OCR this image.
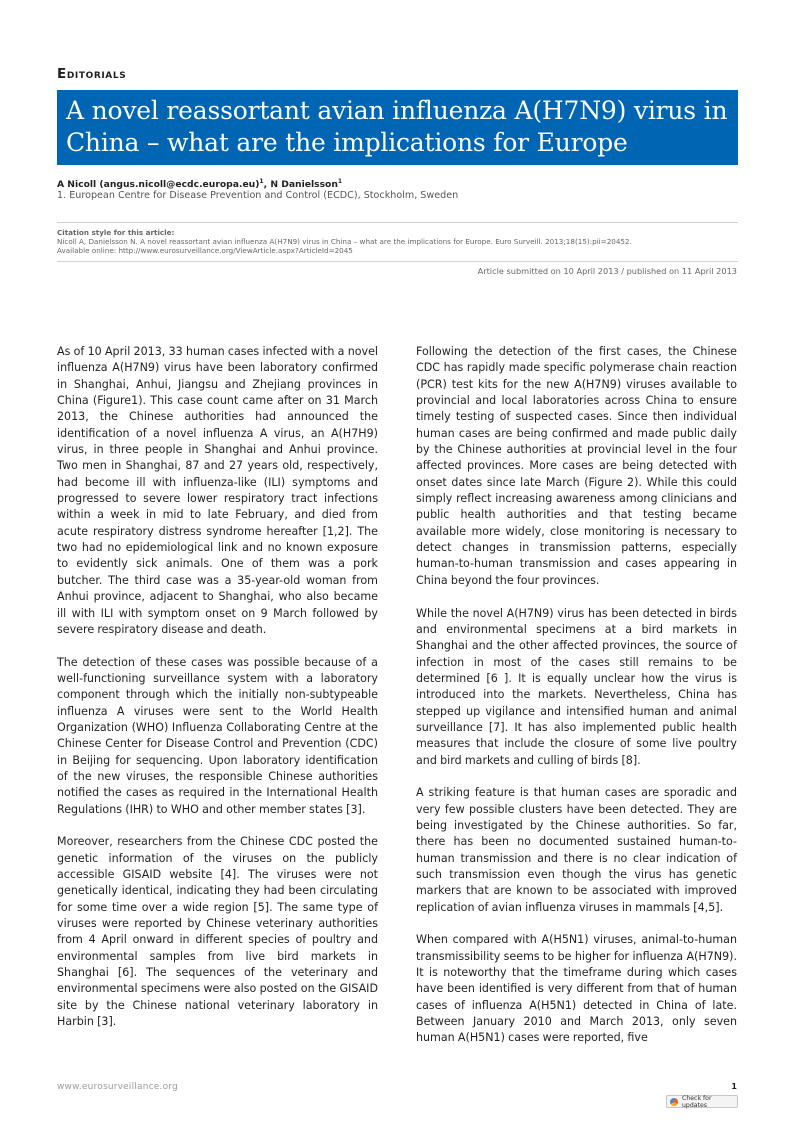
Editorials
A novel reassortant avian influenza A(H7N9) virus in China – what are the implications for Europe
A Nicoll (angus.nicoll@ecdc.europa.eu)$^1$, N Danielsson$^1$
1. European Centre for Disease Prevention and Control (ECDC), Stockholm, Sweden
Citation style for this article:
Nicoll A, Danielsson N. A novel reassortant avian influenza A(H7N9) virus in China – what are the implications for Europe. Euro Surveill. 2013;18(15):pii=20452.
Available online: http://www.eurosurveillance.org/ViewArticle.aspx?ArticleId=2045
Article submitted on 10 April 2013 / published on 11 April 2013

As of 10 April 2013, 33 human cases infected with a novel influenza A(H7N9) virus have been laboratory confirmed in Shanghai, Anhui, Jiangsu and Zhejiang provinces in China (Figure1). This case count came after on 31 March 2013, the Chinese authorities had announced the identification of a novel influenza A virus, an A(H7H9) virus, in three people in Shanghai and Anhui province. Two men in Shanghai, 87 and 27 years old, respectively, had become ill with influenza-like (ILI) symptoms and progressed to severe lower respiratory tract infections within a week in mid to late February, and died from acute respiratory distress syndrome hereafter [1,2]. The two had no epidemiological link and no known exposure to evidently sick animals. One of them was a pork butcher. The third case was a 35-year-old woman from Anhui province, adjacent to Shanghai, who also became ill with ILI with symptom onset on 9 March followed by severe respiratory disease and death.

The detection of these cases was possible because of a well-functioning surveillance system with a laboratory component through which the initially non-subtypeable influenza A viruses were sent to the World Health Organization (WHO) Influenza Collaborating Centre at the Chinese Center for Disease Control and Prevention (CDC) in Beijing for sequencing. Upon laboratory identification of the new viruses, the responsible Chinese authorities notified the cases as required in the International Health Regulations (IHR) to WHO and other member states [3].

Moreover, researchers from the Chinese CDC posted the genetic information of the viruses on the publicly accessible GISAID website [4]. The viruses were not genetically identical, indicating they had been circulating for some time over a wide region [5]. The same type of viruses were reported by Chinese veterinary authorities from 4 April onward in different species of poultry and environmental samples from live bird markets in Shanghai [6]. The sequences of the veterinary and environmental specimens were also posted on the GISAID site by the Chinese national veterinary laboratory in Harbin [3].

Following the detection of the first cases, the Chinese CDC has rapidly made specific polymerase chain reaction (PCR) test kits for the new A(H7N9) viruses available to provincial and local laboratories across China to ensure timely testing of suspected cases. Since then individual human cases are being confirmed and made public daily by the Chinese authorities at provincial level in the four affected provinces. More cases are being detected with onset dates since late March (Figure 2). While this could simply reflect increasing awareness among clinicians and public health authorities and that testing became available more widely, close monitoring is necessary to detect changes in transmission patterns, especially human-to-human transmission and cases appearing in China beyond the four provinces.

While the novel A(H7N9) virus has been detected in birds and environmental specimens at a bird markets in Shanghai and the other affected provinces, the source of infection in most of the cases still remains to be determined [6 ]. It is equally unclear how the virus is introduced into the markets. Nevertheless, China has stepped up vigilance and intensified human and animal surveillance [7]. It has also implemented public health measures that include the closure of some live poultry and bird markets and culling of birds [8].

A striking feature is that human cases are sporadic and very few possible clusters have been detected. They are being investigated by the Chinese authorities. So far, there has been no documented sustained human-to-human transmission and there is no clear indication of such transmission even though the virus has genetic markers that are known to be associated with improved replication of avian influenza viruses in mammals [4,5].

When compared with A(H5N1) viruses, animal-to-human transmissibility seems to be higher for influenza A(H7N9). It is noteworthy that the timeframe during which cases have been identified is very different from that of human cases of influenza A(H5N1) detected in China of late. Between January 2010 and March 2013, only seven human A(H5N1) cases were reported, five

www.eurosurveillance.org	1
Check for updates
